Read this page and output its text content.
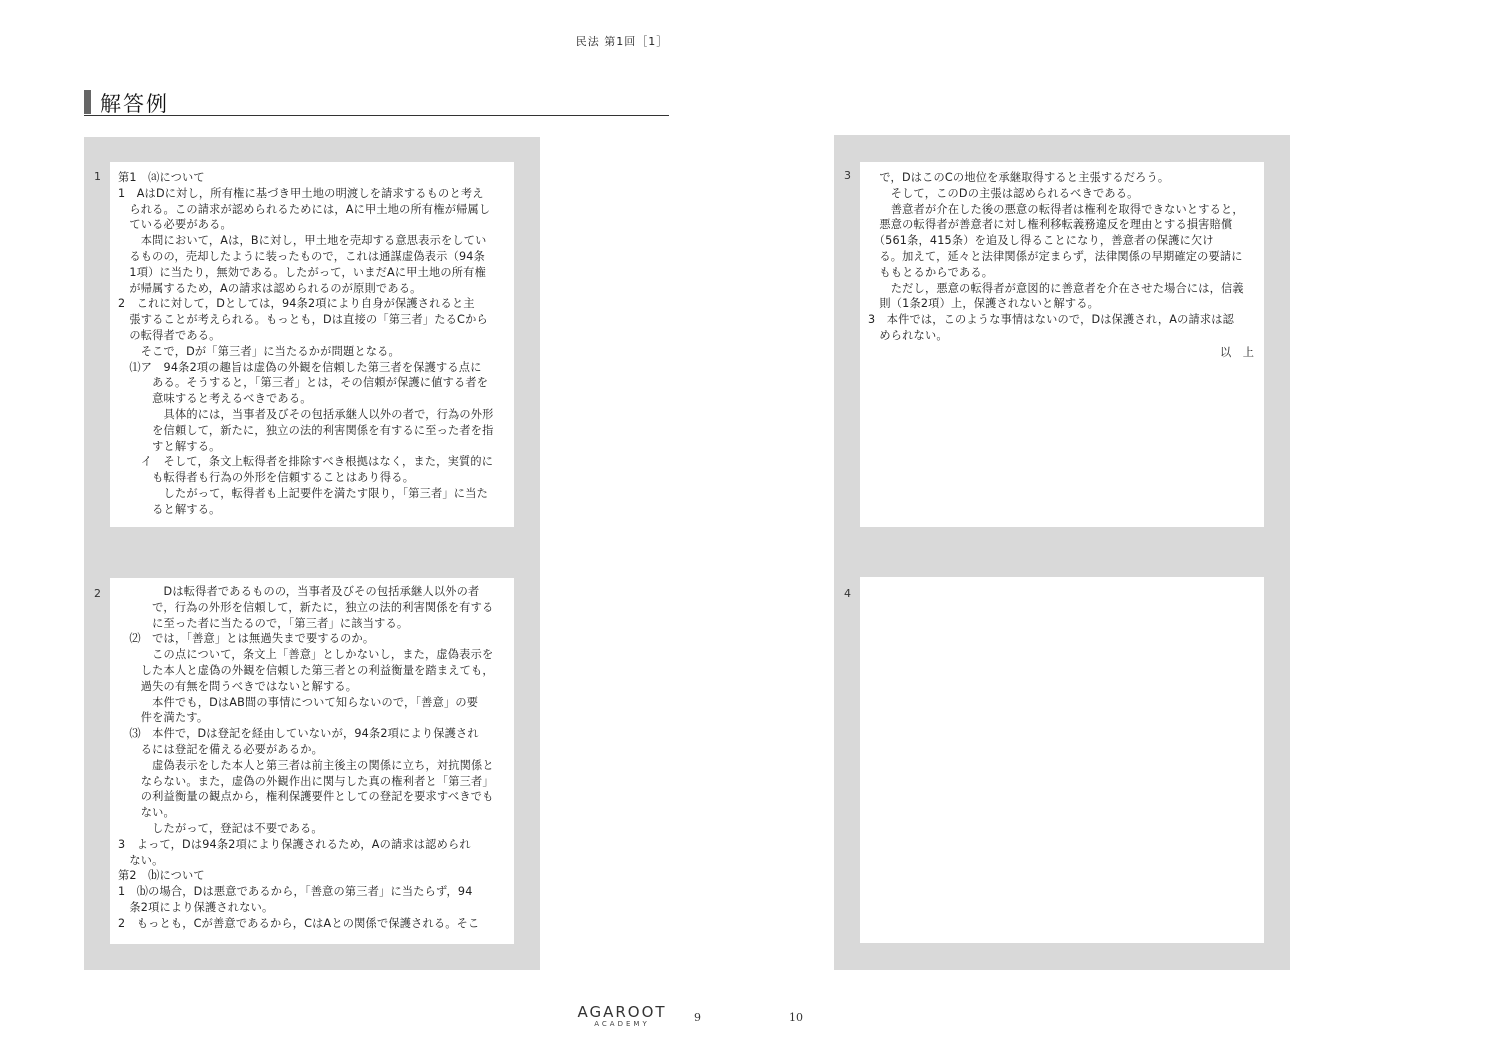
民法 第1回［1］
解答例
1 第1　⒜について
1　AはDに対し，所有権に基づき甲土地の明渡しを請求するものと考え
　られる。この請求が認められるためには，Aに甲土地の所有権が帰属し
　ている必要がある。
　　本問において，Aは，Bに対し，甲土地を売却する意思表示をしてい
　るものの，売却したように装ったもので，これは通謀虚偽表示（94条
　1項）に当たり，無効である。したがって，いまだAに甲土地の所有権
　が帰属するため，Aの請求は認められるのが原則である。
2　これに対して，Dとしては，94条2項により自身が保護されると主
　張することが考えられる。もっとも，Dは直接の「第三者」たるCから
　の転得者である。
　　そこで，Dが「第三者」に当たるかが問題となる。
　⑴ア　94条2項の趣旨は虚偽の外観を信頼した第三者を保護する点に
　　　ある。そうすると，「第三者」とは，その信頼が保護に値する者を
　　　意味すると考えるべきである。
　　　　具体的には，当事者及びその包括承継人以外の者で，行為の外形
　　　を信頼して，新たに，独立の法的利害関係を有するに至った者を指
　　　すと解する。
　　イ　そして，条文上転得者を排除すべき根拠はなく，また，実質的に
　　　も転得者も行為の外形を信頼することはあり得る。
　　　　したがって，転得者も上記要件を満たす限り，「第三者」に当た
　　　ると解する。
2 　　　　Dは転得者であるものの，当事者及びその包括承継人以外の者
　　　で，行為の外形を信頼して，新たに，独立の法的利害関係を有する
　　　に至った者に当たるので，「第三者」に該当する。
　⑵　では，「善意」とは無過失まで要するのか。
　　　この点について，条文上「善意」としかないし，また，虚偽表示を
　　した本人と虚偽の外観を信頼した第三者との利益衡量を踏まえても，
　　過失の有無を問うべきではないと解する。
　　　本件でも，DはAB間の事情について知らないので，「善意」の要
　　件を満たす。
　⑶　本件で，Dは登記を経由していないが，94条2項により保護され
　　るには登記を備える必要があるか。
　　　虚偽表示をした本人と第三者は前主後主の関係に立ち，対抗関係と
　　ならない。また，虚偽の外観作出に関与した真の権利者と「第三者」
　　の利益衡量の観点から，権利保護要件としての登記を要求すべきでも
　　ない。
　　　したがって，登記は不要である。
3　よって，Dは94条2項により保護されるため，Aの請求は認められ
　ない。
第2　⒝について
1　⒝の場合，Dは悪意であるから，「善意の第三者」に当たらず，94
　条2項により保護されない。
2　もっとも，Cが善意であるから，CはAとの関係で保護される。そこ
3 　で，DはこのCの地位を承継取得すると主張するだろう。
　　そして，このDの主張は認められるべきである。
　　善意者が介在した後の悪意の転得者は権利を取得できないとすると，
　悪意の転得者が善意者に対し権利移転義務違反を理由とする損害賠償
　（561条，415条）を追及し得ることになり，善意者の保護に欠け
　る。加えて，延々と法律関係が定まらず，法律関係の早期確定の要請に
　ももとるからである。
　　ただし，悪意の転得者が意図的に善意者を介在させた場合には，信義
　則（1条2項）上，保護されないと解する。
3　本件では，このような事情はないので，Dは保護され，Aの請求は認
　められない。
以　上
4
AGAROOT
ACADEMY	9	10
